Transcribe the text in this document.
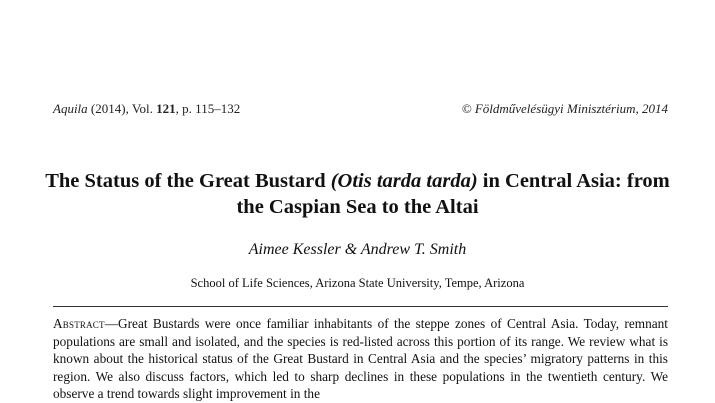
Aquila (2014), Vol. 121, p. 115–132	© Földművelésügyi Minisztérium, 2014
The Status of the Great Bustard (Otis tarda tarda) in Central Asia: from the Caspian Sea to the Altai
Aimee Kessler & Andrew T. Smith
School of Life Sciences, Arizona State University, Tempe, Arizona

Abstract—Great Bustards were once familiar inhabitants of the steppe zones of Central Asia. Today, remnant populations are small and isolated, and the species is red-listed across this portion of its range. We review what is known about the historical status of the Great Bustard in Central Asia and the species’ migratory patterns in this region. We also discuss factors, which led to sharp declines in these populations in the twentieth century. We observe a trend towards slight improvement in the
